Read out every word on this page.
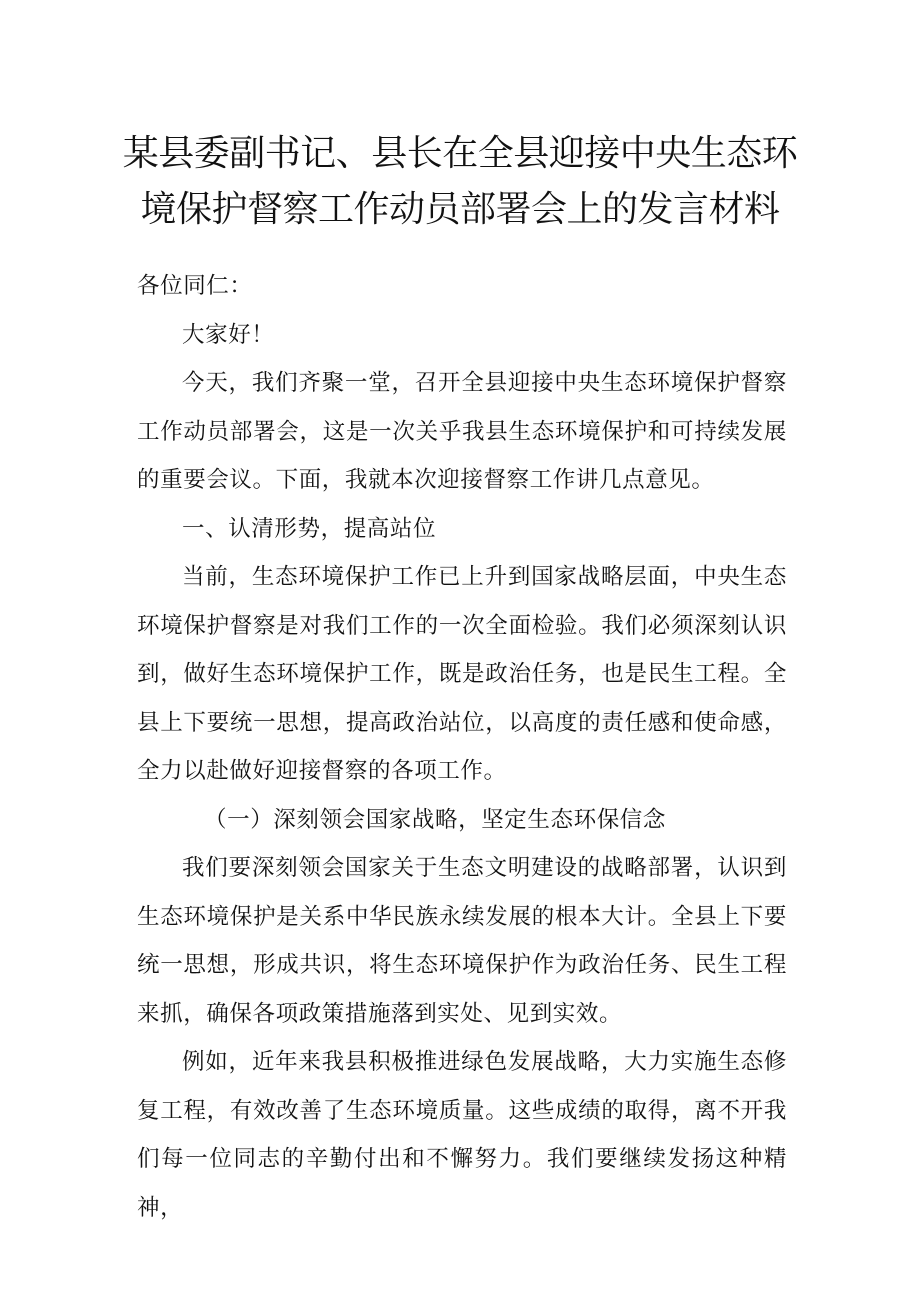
某县委副书记、县长在全县迎接中央生态环
境保护督察工作动员部署会上的发言材料

各位同仁：

大家好！

今天，我们齐聚一堂，召开全县迎接中央生态环境保护督察工作动员部署会，这是一次关乎我县生态环境保护和可持续发展的重要会议。下面，我就本次迎接督察工作讲几点意见。

一、认清形势，提高站位

当前，生态环境保护工作已上升到国家战略层面，中央生态环境保护督察是对我们工作的一次全面检验。我们必须深刻认识到，做好生态环境保护工作，既是政治任务，也是民生工程。全县上下要统一思想，提高政治站位，以高度的责任感和使命感，全力以赴做好迎接督察的各项工作。

（一）深刻领会国家战略，坚定生态环保信念

我们要深刻领会国家关于生态文明建设的战略部署，认识到生态环境保护是关系中华民族永续发展的根本大计。全县上下要统一思想，形成共识，将生态环境保护作为政治任务、民生工程来抓，确保各项政策措施落到实处、见到实效。

例如，近年来我县积极推进绿色发展战略，大力实施生态修复工程，有效改善了生态环境质量。这些成绩的取得，离不开我们每一位同志的辛勤付出和不懈努力。我们要继续发扬这种精神，
